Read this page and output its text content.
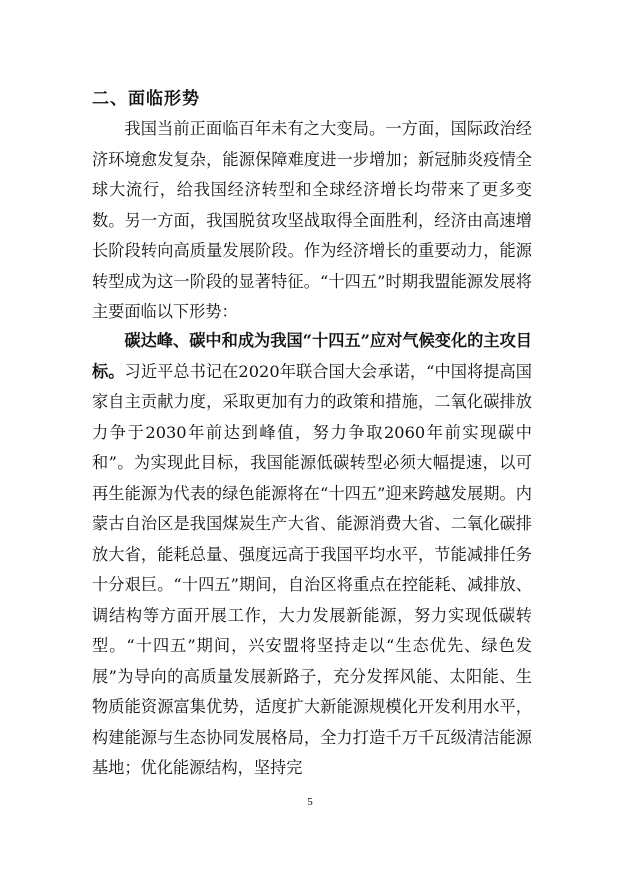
二、面临形势

我国当前正面临百年未有之大变局。一方面，国际政治经济环境愈发复杂，能源保障难度进一步增加；新冠肺炎疫情全球大流行，给我国经济转型和全球经济增长均带来了更多变数。另一方面，我国脱贫攻坚战取得全面胜利，经济由高速增长阶段转向高质量发展阶段。作为经济增长的重要动力，能源转型成为这一阶段的显著特征。“十四五”时期我盟能源发展将主要面临以下形势：

碳达峰、碳中和成为我国“十四五”应对气候变化的主攻目标。习近平总书记在2020年联合国大会承诺，“中国将提高国家自主贡献力度，采取更加有力的政策和措施，二氧化碳排放力争于2030年前达到峰值，努力争取2060年前实现碳中和”。为实现此目标，我国能源低碳转型必须大幅提速，以可再生能源为代表的绿色能源将在“十四五”迎来跨越发展期。内蒙古自治区是我国煤炭生产大省、能源消费大省、二氧化碳排放大省，能耗总量、强度远高于我国平均水平，节能减排任务十分艰巨。“十四五”期间，自治区将重点在控能耗、减排放、调结构等方面开展工作，大力发展新能源，努力实现低碳转型。“十四五”期间，兴安盟将坚持走以“生态优先、绿色发展”为导向的高质量发展新路子，充分发挥风能、太阳能、生物质能资源富集优势，适度扩大新能源规模化开发利用水平，构建能源与生态协同发展格局，全力打造千万千瓦级清洁能源基地；优化能源结构，坚持完

5
